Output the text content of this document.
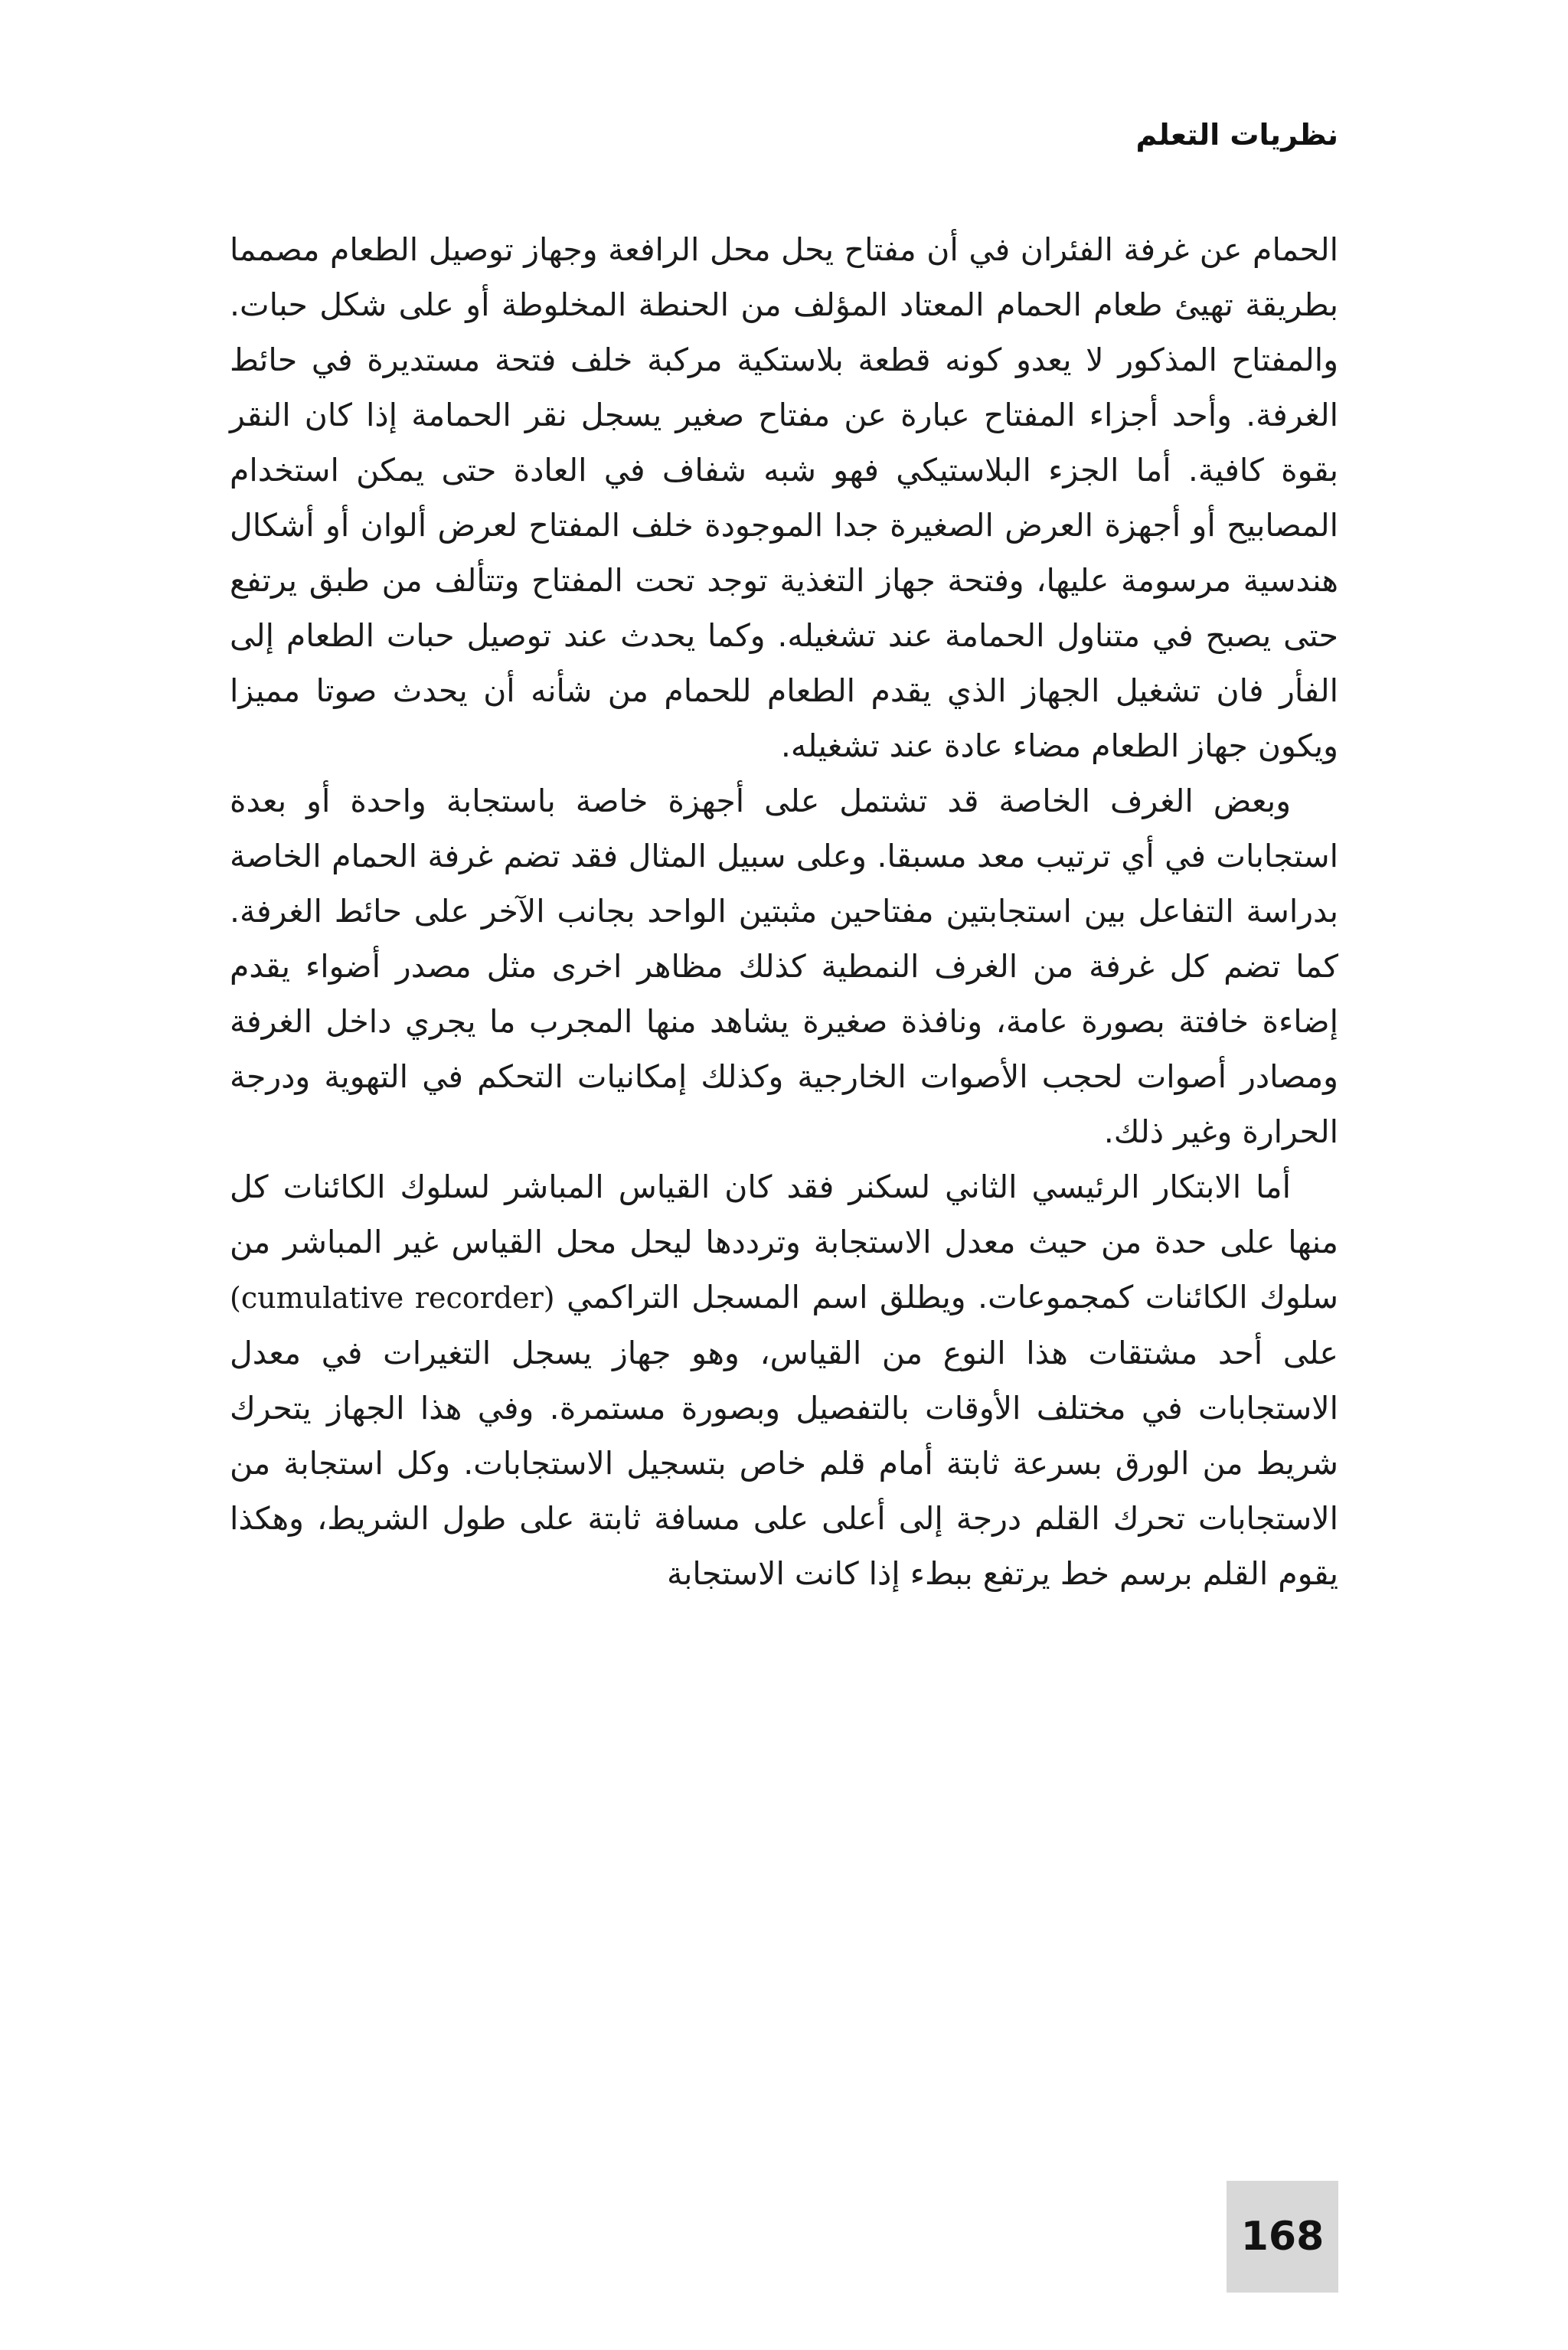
نظريات التعلم

الحمام عن غرفة الفئران في أن مفتاح يحل محل الرافعة وجهاز توصيل الطعام مصمما بطريقة تهيئ طعام الحمام المعتاد المؤلف من الحنطة المخلوطة أو على شكل حبات. والمفتاح المذكور لا يعدو كونه قطعة بلاستكية مركبة خلف فتحة مستديرة في حائط الغرفة. وأحد أجزاء المفتاح عبارة عن مفتاح صغير يسجل نقر الحمامة إذا كان النقر بقوة كافية. أما الجزء البلاستيكي فهو شبه شفاف في العادة حتى يمكن استخدام المصابيح أو أجهزة العرض الصغيرة جدا الموجودة خلف المفتاح لعرض ألوان أو أشكال هندسية مرسومة عليها، وفتحة جهاز التغذية توجد تحت المفتاح وتتألف من طبق يرتفع حتى يصبح في متناول الحمامة عند تشغيله. وكما يحدث عند توصيل حبات الطعام إلى الفأر فان تشغيل الجهاز الذي يقدم الطعام للحمام من شأنه أن يحدث صوتا مميزا ويكون جهاز الطعام مضاء عادة عند تشغيله.

وبعض الغرف الخاصة قد تشتمل على أجهزة خاصة باستجابة واحدة أو بعدة استجابات في أي ترتيب معد مسبقا. وعلى سبيل المثال فقد تضم غرفة الحمام الخاصة بدراسة التفاعل بين استجابتين مفتاحين مثبتين الواحد بجانب الآخر على حائط الغرفة. كما تضم كل غرفة من الغرف النمطية كذلك مظاهر اخرى مثل مصدر أضواء يقدم إضاءة خافتة بصورة عامة، ونافذة صغيرة يشاهد منها المجرب ما يجري داخل الغرفة ومصادر أصوات لحجب الأصوات الخارجية وكذلك إمكانيات التحكم في التهوية ودرجة الحرارة وغير ذلك.

أما الابتكار الرئيسي الثاني لسكنر فقد كان القياس المباشر لسلوك الكائنات كل منها على حدة من حيث معدل الاستجابة وترددها ليحل محل القياس غير المباشر من سلوك الكائنات كمجموعات. ويطلق اسم المسجل التراكمي (cumulative recorder) على أحد مشتقات هذا النوع من القياس، وهو جهاز يسجل التغيرات في معدل الاستجابات في مختلف الأوقات بالتفصيل وبصورة مستمرة. وفي هذا الجهاز يتحرك شريط من الورق بسرعة ثابتة أمام قلم خاص بتسجيل الاستجابات. وكل استجابة من الاستجابات تحرك القلم درجة إلى أعلى على مسافة ثابتة على طول الشريط، وهكذا يقوم القلم برسم خط يرتفع ببطء إذا كانت الاستجابة

168
